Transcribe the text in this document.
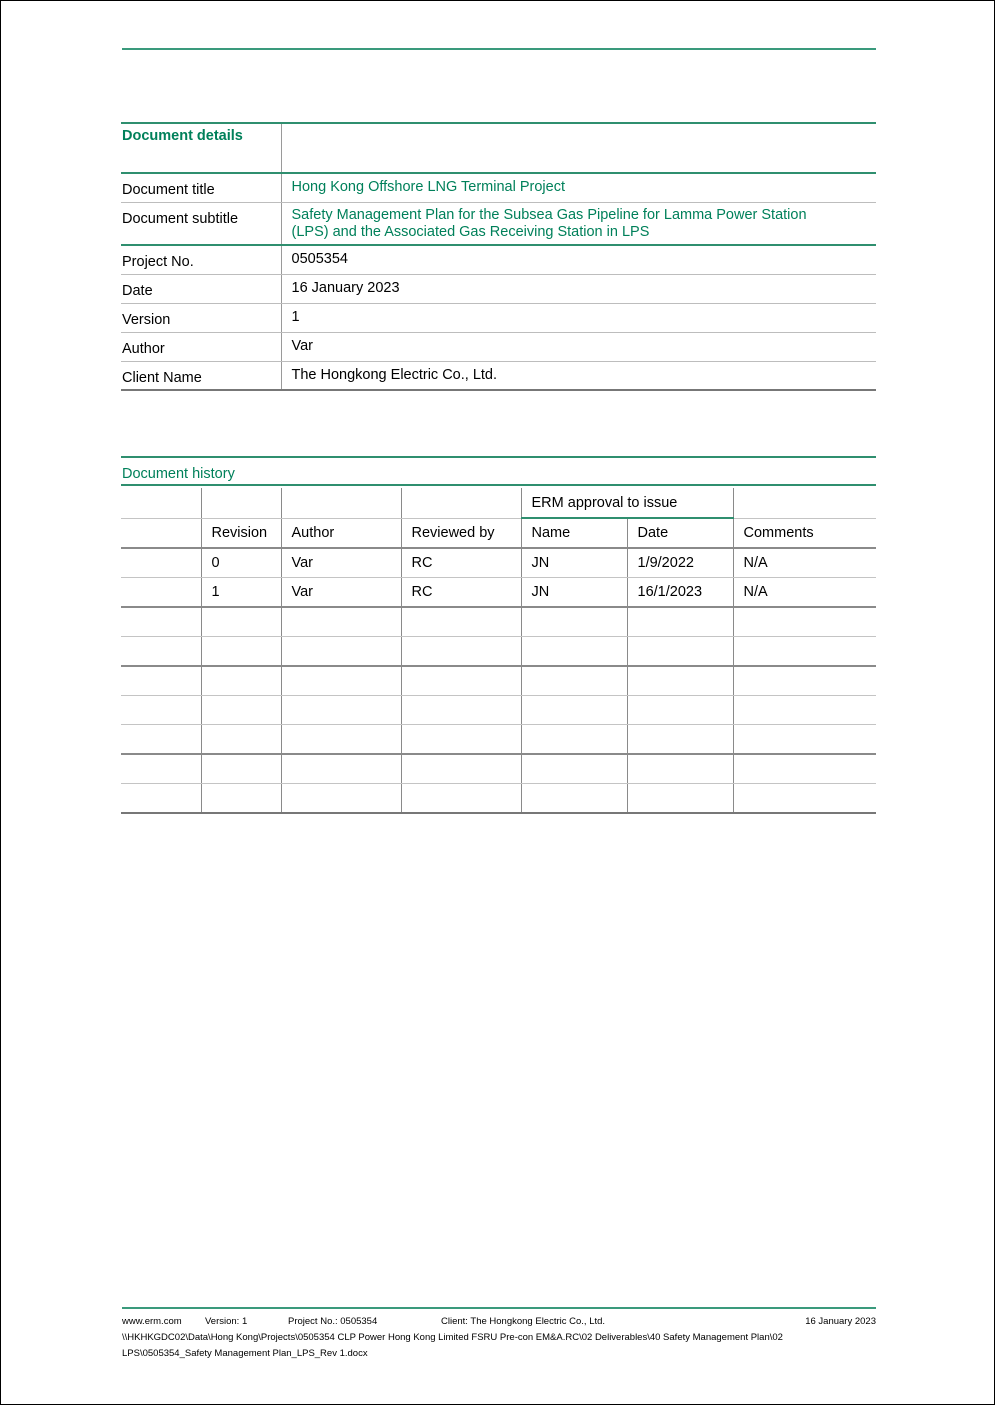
Document details	

Document title	Hong Kong Offshore LNG Terminal Project

Document subtitle	Safety Management Plan for the Subsea Gas Pipeline for Lamma Power Station
(LPS) and the Associated Gas Receiving Station in LPS

Project No.	0505354

Date	16 January 2023

Version	1

Author	Var

Client Name	The Hongkong Electric Co., Ltd.
Document history
				ERM approval to issue		
	Revision	Author	Reviewed by	Name	Date	Comments
	0	Var	RC	JN	1/9/2022	N/A
	1	Var	RC	JN	16/1/2023	N/A

www.erm.com Version: 1	Project No.: 0505354	Client: The Hongkong Electric Co., Ltd.	16 January 2023
\\HKHKGDC02\Data\Hong Kong\Projects\0505354 CLP Power Hong Kong Limited FSRU Pre-con EM&A.RC\02 Deliverables\40 Safety Management Plan\02 LPS\0505354_Safety Management Plan_LPS_Rev 1.docx
